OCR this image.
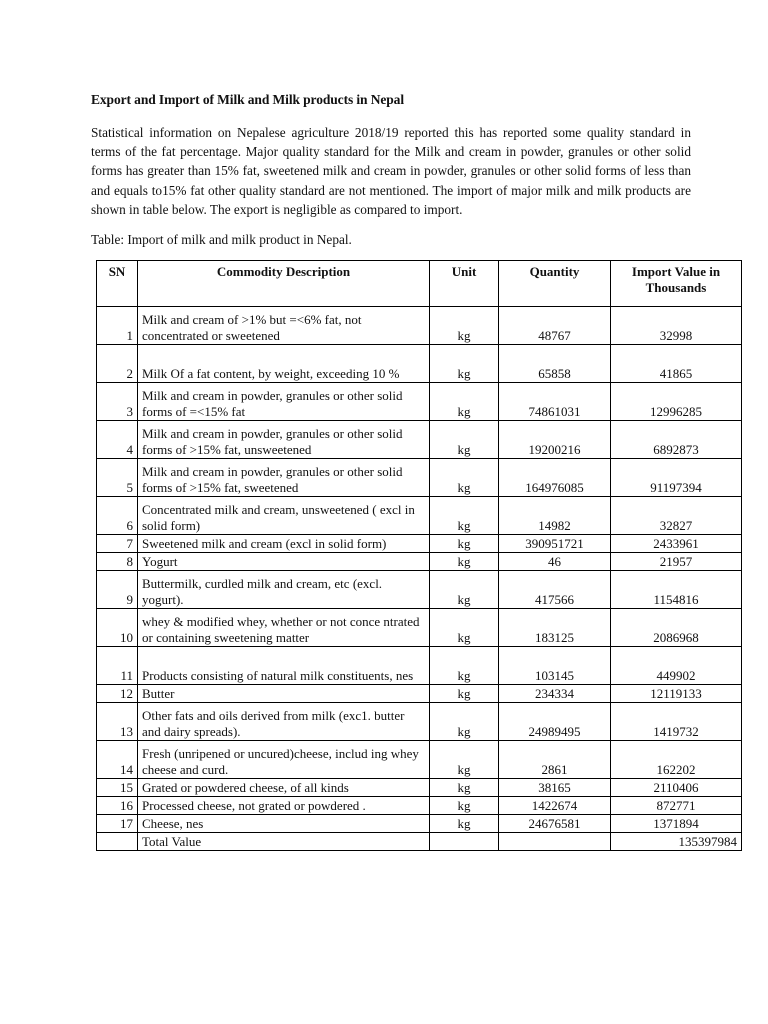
Export and Import of Milk and Milk products in Nepal
Statistical information on Nepalese agriculture 2018/19 reported this has reported some quality standard in terms of the fat percentage. Major quality standard for the Milk and cream in powder, granules or other solid forms has greater than 15% fat, sweetened milk and cream in powder, granules or other solid forms of less than and equals to15% fat other quality standard are not mentioned. The import of major milk and milk products are shown in table below. The export is negligible as compared to import.
Table: Import of milk and milk product in Nepal.
SN	Commodity Description	Unit	Quantity	Import Value in Thousands
1	Milk and cream of >1% but =<6% fat, not concentrated or sweetened	kg	48767	32998
2	Milk Of a fat content, by weight, exceeding 10 %	kg	65858	41865
3	Milk and cream in powder, granules or other solid forms of =<15% fat	kg	74861031	12996285
4	Milk and cream in powder, granules or other solid forms of >15% fat, unsweetened	kg	19200216	6892873
5	Milk and cream in powder, granules or other solid forms of >15% fat, sweetened	kg	164976085	91197394
6	Concentrated milk and cream, unsweetened ( excl in solid form)	kg	14982	32827
7	Sweetened milk and cream (excl in solid form)	kg	390951721	2433961
8	Yogurt	kg	46	21957
9	Buttermilk, curdled milk and cream, etc (excl. yogurt).	kg	417566	1154816
10	whey & modified whey, whether or not conce ntrated or containing sweetening matter	kg	183125	2086968
11	Products consisting of natural milk constituents, nes	kg	103145	449902
12	Butter	kg	234334	12119133
13	Other fats and oils derived from milk (exc1. butter and dairy spreads).	kg	24989495	1419732
14	Fresh (unripened or uncured)cheese, includ ing whey cheese and curd.	kg	2861	162202
15	Grated or powdered cheese, of all kinds	kg	38165	2110406
16	Processed cheese, not grated or powdered .	kg	1422674	872771
17	Cheese, nes	kg	24676581	1371894
	Total Value			135397984
